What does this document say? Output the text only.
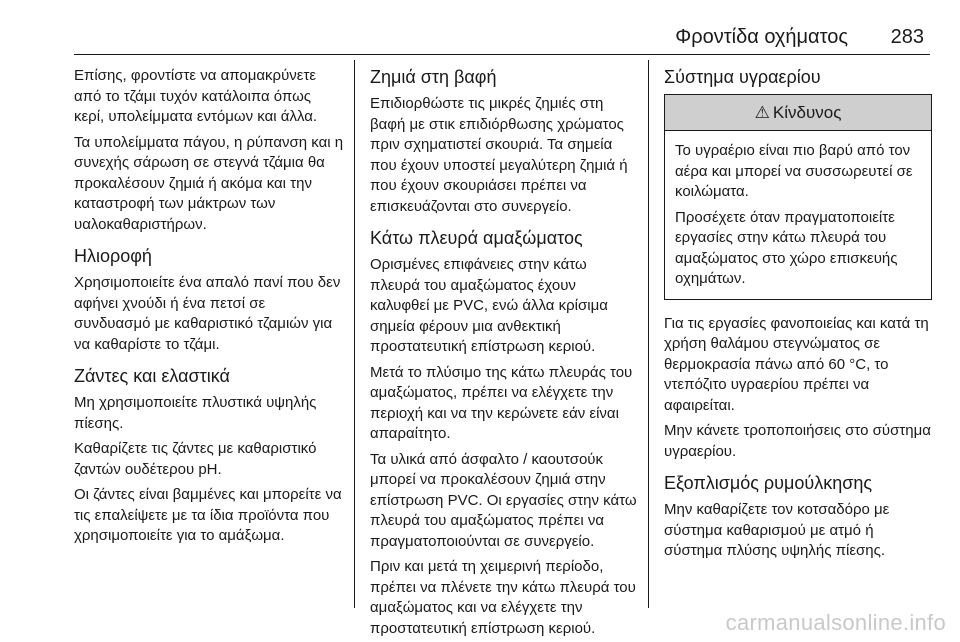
Φροντίδα οχήματος 283

Επίσης, φροντίστε να απομακρύνετε από το τζάμι τυχόν κατάλοιπα όπως κερί, υπολείμματα εντόμων και άλλα.

Τα υπολείμματα πάγου, η ρύπανση και η συνεχής σάρωση σε στεγνά τζάμια θα προκαλέσουν ζημιά ή ακόμα και την καταστροφή των μάκτρων των υαλοκαθαριστήρων.

Ηλιοροφή

Χρησιμοποιείτε ένα απαλό πανί που δεν αφήνει χνούδι ή ένα πετσί σε συνδυασμό με καθαριστικό τζαμιών για να καθαρίστε το τζάμι.

Ζάντες και ελαστικά

Μη χρησιμοποιείτε πλυστικά υψηλής πίεσης.

Καθαρίζετε τις ζάντες με καθαριστικό ζαντών ουδέτερου pH.

Οι ζάντες είναι βαμμένες και μπορείτε να τις επαλείψετε με τα ίδια προϊόντα που χρησιμοποιείτε για το αμάξωμα.

Ζημιά στη βαφή

Επιδιορθώστε τις μικρές ζημιές στη βαφή με στικ επιδιόρθωσης χρώματος πριν σχηματιστεί σκουριά. Τα σημεία που έχουν υποστεί μεγαλύτερη ζημιά ή που έχουν σκουριάσει πρέπει να επισκευάζονται στο συνεργείο.

Κάτω πλευρά αμαξώματος

Ορισμένες επιφάνειες στην κάτω πλευρά του αμαξώματος έχουν καλυφθεί με PVC, ενώ άλλα κρίσιμα σημεία φέρουν μια ανθεκτική προστατευτική επίστρωση κεριού.

Μετά το πλύσιμο της κάτω πλευράς του αμαξώματος, πρέπει να ελέγχετε την περιοχή και να την κερώνετε εάν είναι απαραίτητο.

Τα υλικά από άσφαλτο / καουτσούκ μπορεί να προκαλέσουν ζημιά στην επίστρωση PVC. Οι εργασίες στην κάτω πλευρά του αμαξώματος πρέπει να πραγματοποιούνται σε συνεργείο.

Πριν και μετά τη χειμερινή περίοδο, πρέπει να πλένετε την κάτω πλευρά του αμαξώματος και να ελέγχετε την προστατευτική επίστρωση κεριού.

Σύστημα υγραερίου
⚠ Κίνδυνος

Το υγραέριο είναι πιο βαρύ από τον αέρα και μπορεί να συσσωρευτεί σε κοιλώματα.

Προσέχετε όταν πραγματοποιείτε εργασίες στην κάτω πλευρά του αμαξώματος στο χώρο επισκευής οχημάτων.

Για τις εργασίες φανοποιείας και κατά τη χρήση θαλάμου στεγνώματος σε θερμοκρασία πάνω από 60 °C, το ντεπόζιτο υγραερίου πρέπει να αφαιρείται.

Μην κάνετε τροποποιήσεις στο σύστημα υγραερίου.

Εξοπλισμός ρυμούλκησης

Μην καθαρίζετε τον κοτσαδόρο με σύστημα καθαρισμού με ατμό ή σύστημα πλύσης υψηλής πίεσης.

carmanualsonline.info
